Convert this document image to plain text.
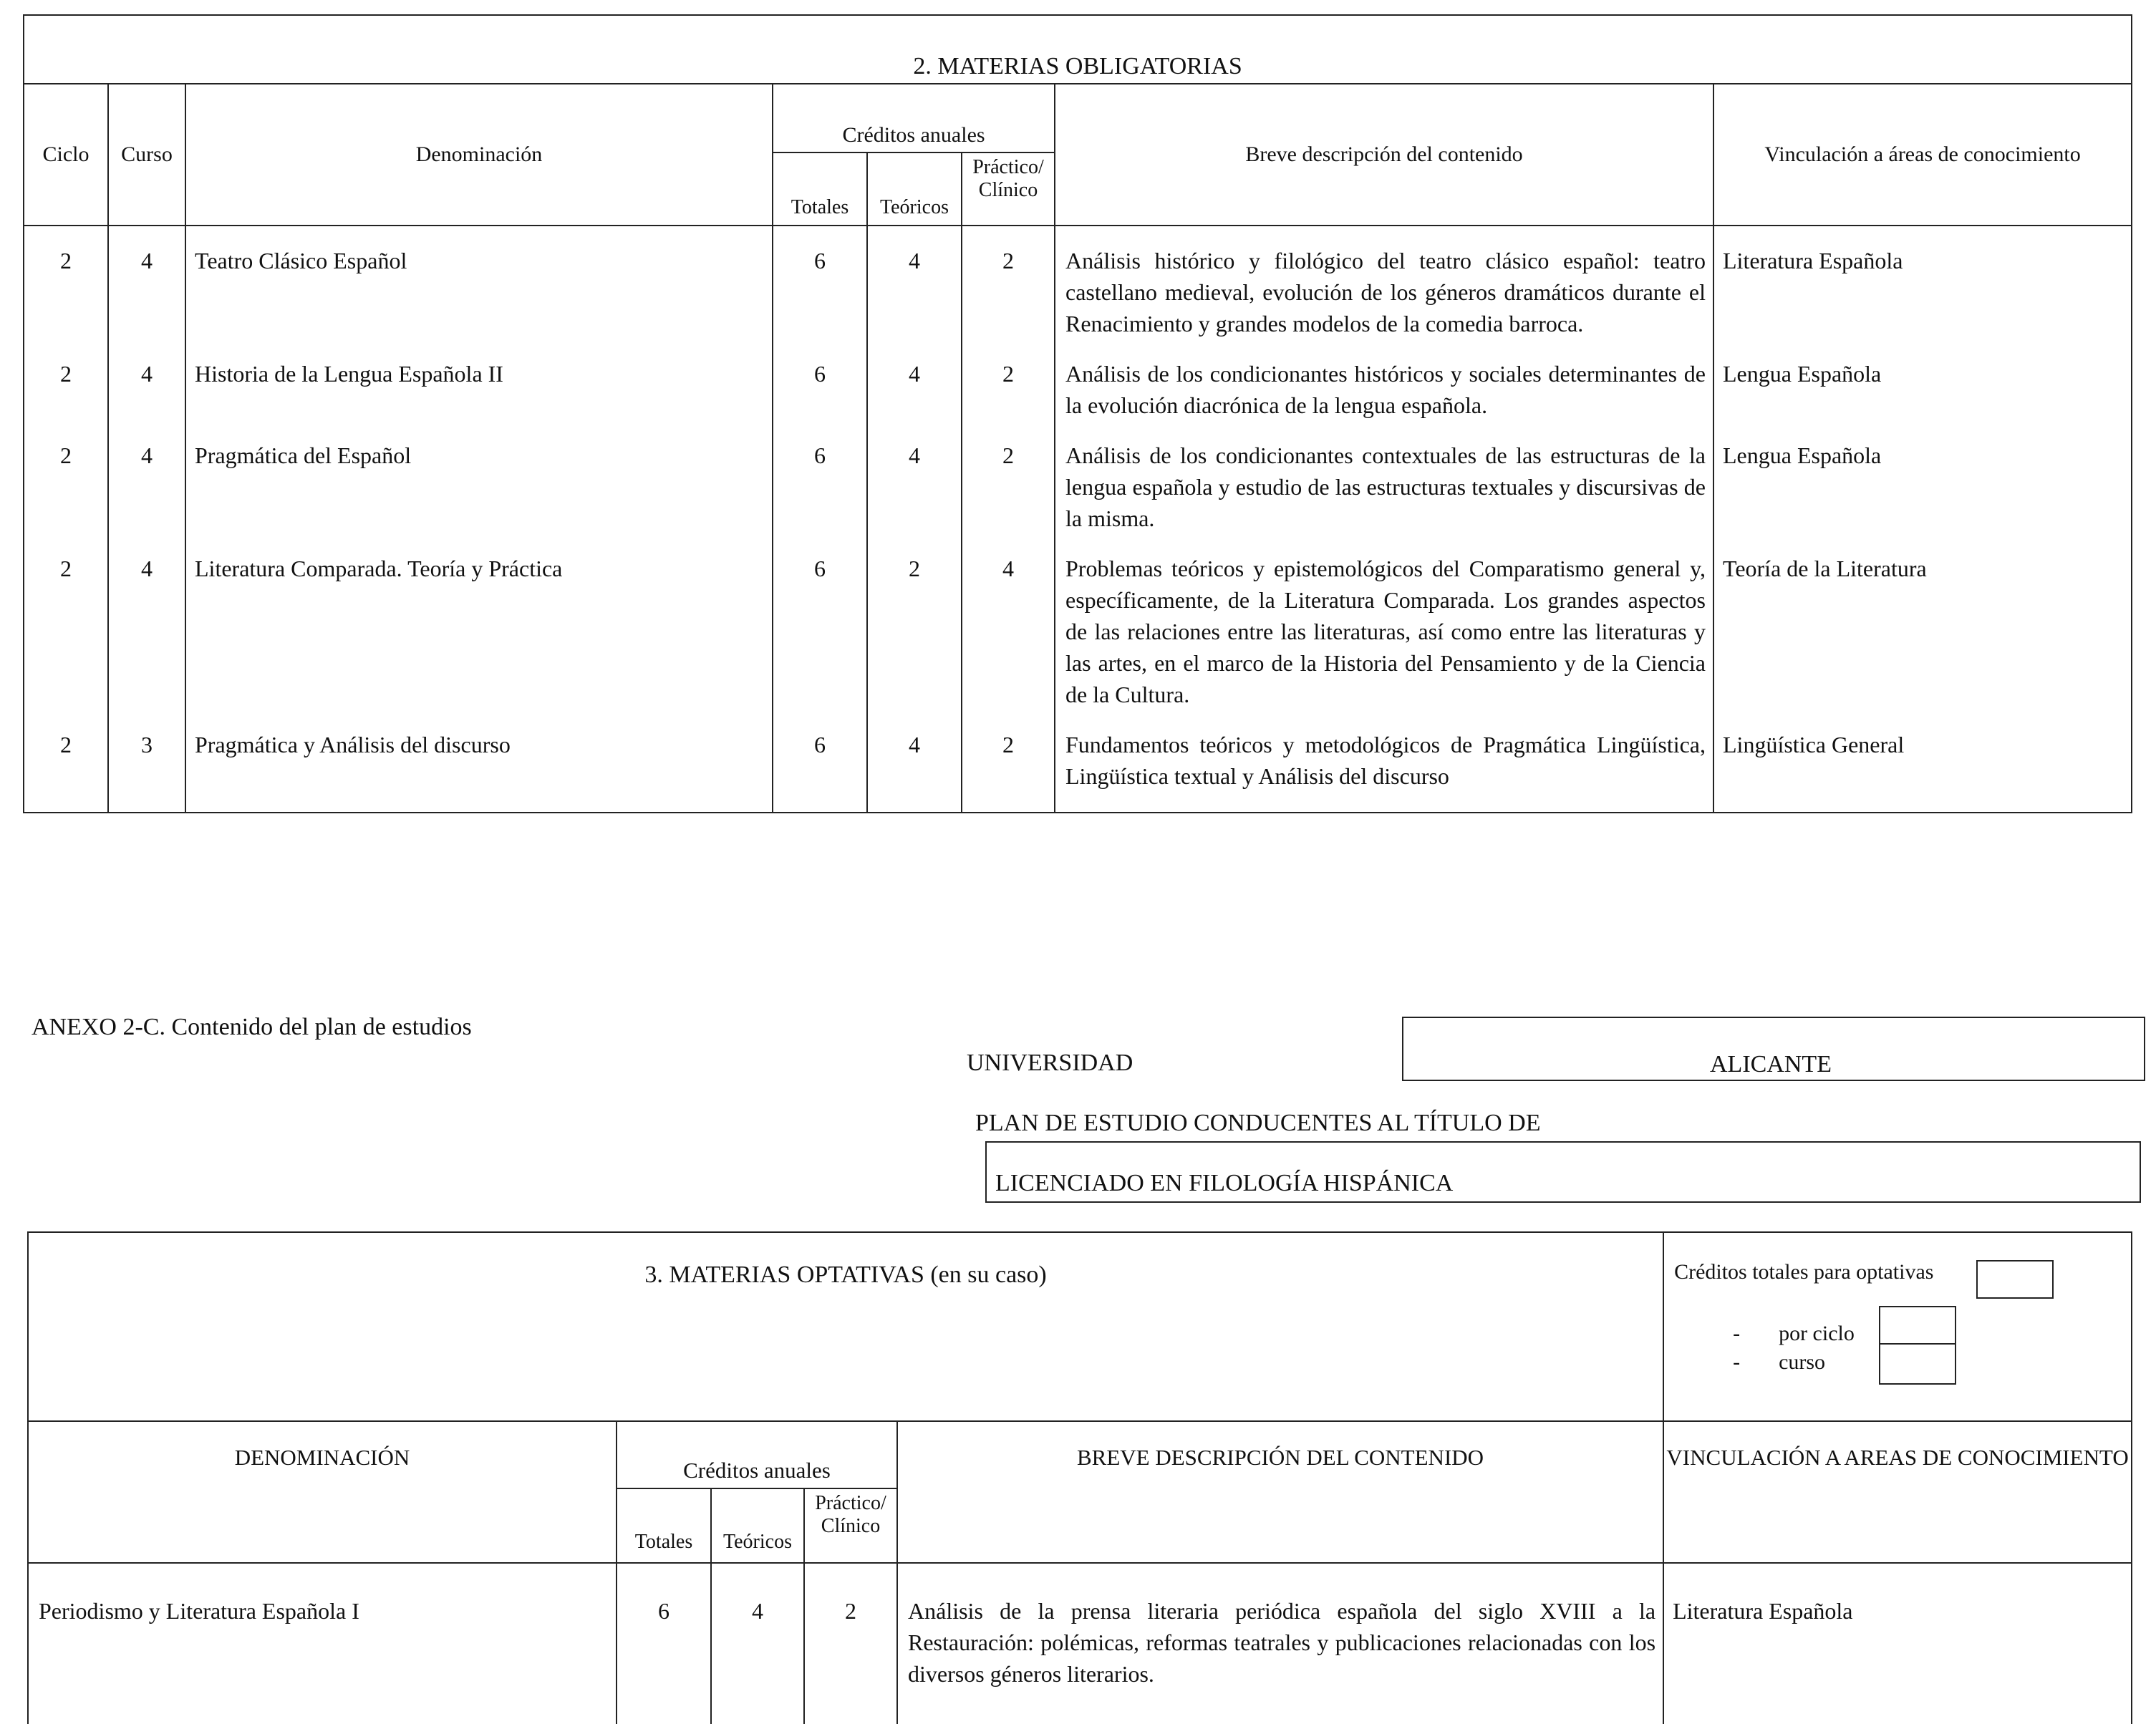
2. MATERIAS OBLIGATORIAS							
Ciclo	Curso	Denominación	Créditos anuales			Breve descripción del contenido	Vinculación a áreas de conocimiento
			Totales	Teóricos	Práctico/ Clínico		
2	4	Teatro Clásico Español	6	4	2	Análisis histórico y filológico del teatro clásico español: teatro castellano medieval, evolución de los géneros dramáticos durante el Renacimiento y grandes modelos de la comedia barroca.	Literatura Española
2	4	Historia de la Lengua Española II	6	4	2	Análisis de los condicionantes históricos y sociales determinantes de la evolución diacrónica de la lengua española.	Lengua Española
2	4	Pragmática del Español	6	4	2	Análisis de los condicionantes contextuales de las estructuras de la lengua española y estudio de las estructuras textuales y discursivas de la misma.	Lengua Española
2	4	Literatura Comparada. Teoría y Práctica	6	2	4	Problemas teóricos y epistemológicos del Comparatismo general y, específicamente, de la Literatura Comparada. Los grandes aspectos de las relaciones entre las literaturas, así como entre las literaturas y las artes, en el marco de la Historia del Pensamiento y de la Ciencia de la Cultura.	Teoría de la Literatura
2	3	Pragmática y Análisis del discurso	6	4	2	Fundamentos teóricos y metodológicos de Pragmática Lingüística, Lingüística textual y Análisis del discurso	Lingüística General
ANEXO 2-C. Contenido del plan de estudios
UNIVERSIDAD	ALICANTE
PLAN DE ESTUDIO CONDUCENTES AL TÍTULO DE
LICENCIADO EN FILOLOGÍA HISPÁNICA
3. MATERIAS OPTATIVAS (en su caso)					Créditos totales para optativas
- por ciclo
- curso

DENOMINACIÓN	Créditos anuales			BREVE DESCRIPCIÓN DEL CONTENIDO	VINCULACIÓN A AREAS DE CONOCIMIENTO
	Totales	Teóricos	Práctico/ Clínico		
Periodismo y Literatura Española I	6	4	2	Análisis de la prensa literaria periódica española del siglo XVIII a la Restauración: polémicas, reformas teatrales y publicaciones relacionadas con los diversos géneros literarios.	Literatura Española
